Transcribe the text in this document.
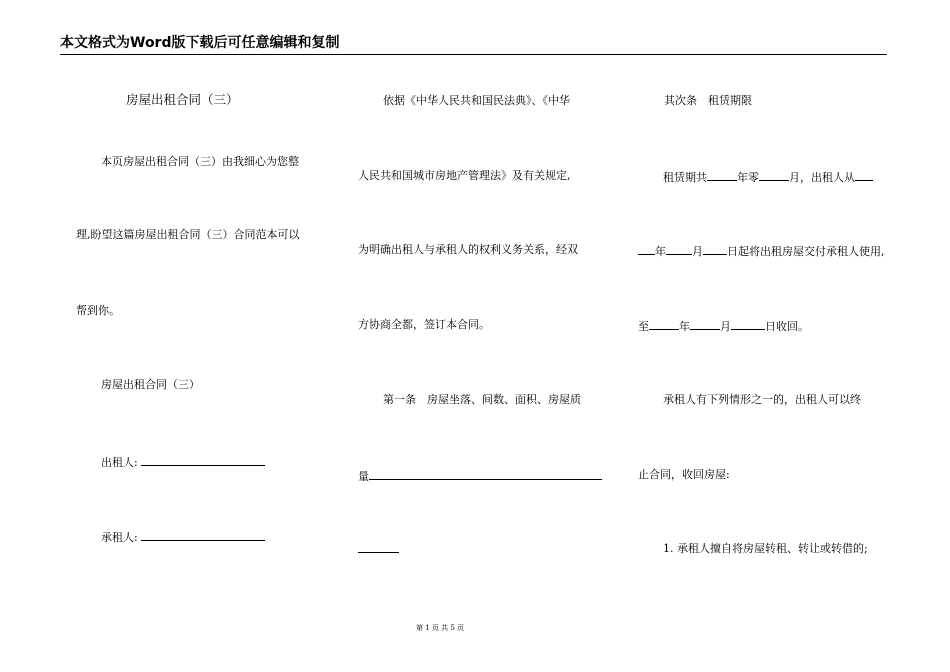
本文格式为Word版下载后可任意编辑和复制
房屋出租合同（三）
本页房屋出租合同（三）由我细心为您整
理,盼望这篇房屋出租合同（三）合同范本可以
帮到你。
房屋出租合同（三）
出租人:
承租人:
依据《中华人民共和国民法典》、《中华
人民共和国城市房地产管理法》及有关规定,
为明确出租人与承租人的权利义务关系，经双
方协商全都，签订本合同。
第一条　房屋坐落、间数、面积、房屋质
量
其次条　租赁期限
租赁期共	年零	月，出租人从
年 月 日起将出租房屋交付承租人使用,
至	年	月	日收回。
承租人有下列情形之一的，出租人可以终
止合同，收回房屋:
1. 承租人擅自将房屋转租、转让或转借的;
第 1 页 共 5 页
